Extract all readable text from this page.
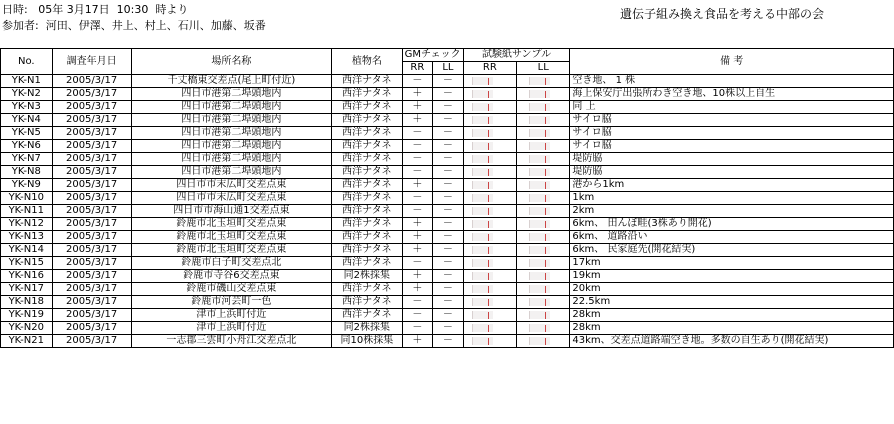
日時:   05年 3月17日  10:30  時より
参加者:  河田、伊澤、井上、村上、石川、加藤、坂番
遺伝子組み換え食品を考える中部の会
No.	調査年月日	場所名称	植物名	GMチェック		試験紙サンプル		備 考
				RR	LL	RR	LL	
YK-N1	2005/3/17	千丈橋東交差点(尾上町付近)	西洋ナタネ	－	－			空き地、 1 株
YK-N2	2005/3/17	四日市港第二埠頭地内	西洋ナタネ	＋	－			海上保安庁出張所わき空き地、10株以上自生
YK-N3	2005/3/17	四日市港第二埠頭地内	西洋ナタネ	＋	－			同 上
YK-N4	2005/3/17	四日市港第二埠頭地内	西洋ナタネ	＋	－			サイロ脇
YK-N5	2005/3/17	四日市港第二埠頭地内	西洋ナタネ	－	－			サイロ脇
YK-N6	2005/3/17	四日市港第二埠頭地内	西洋ナタネ	－	－			サイロ脇
YK-N7	2005/3/17	四日市港第二埠頭地内	西洋ナタネ	－	－			堤防脇
YK-N8	2005/3/17	四日市港第二埠頭地内	西洋ナタネ	－	－			堤防脇
YK-N9	2005/3/17	四日市市末広町交差点東	西洋ナタネ	＋	－			港から1km
YK-N10	2005/3/17	四日市市末広町交差点東	西洋ナタネ	－	－			1km
YK-N11	2005/3/17	四日市市海山通1交差点東	西洋ナタネ	－	－			2km
YK-N12	2005/3/17	鈴鹿市北玉垣町交差点東	西洋ナタネ	＋	－			6km、 田んぼ畦(3株あり開花)
YK-N13	2005/3/17	鈴鹿市北玉垣町交差点東	西洋ナタネ	＋	－			6km、 道路沿い
YK-N14	2005/3/17	鈴鹿市北玉垣町交差点東	西洋ナタネ	＋	－			6km、 民家庭先(開花結実)
YK-N15	2005/3/17	鈴鹿市白子町交差点北	西洋ナタネ	－	－			17km
YK-N16	2005/3/17	鈴鹿市寺谷6交差点東	同2株採集	＋	－			19km
YK-N17	2005/3/17	鈴鹿市磯山交差点東	西洋ナタネ	＋	－			20km
YK-N18	2005/3/17	鈴鹿市河芸町一色	西洋ナタネ	－	－			22.5km
YK-N19	2005/3/17	津市上浜町付近	西洋ナタネ	－	－			28km
YK-N20	2005/3/17	津市上浜町付近	同2株採集	－	－			28km
YK-N21	2005/3/17	一志郡三雲町小舟江交差点北	同10株採集	＋	－			43km、交差点道路端空き地。多数の自生あり(開花結実)
